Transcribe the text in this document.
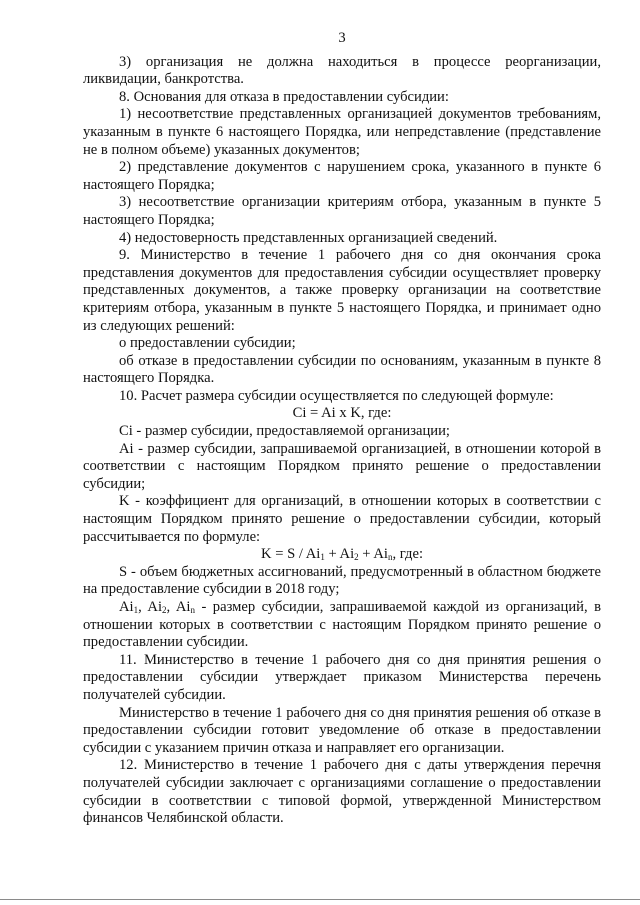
3

3) организация не должна находиться в процессе реорганизации, ликвидации, банкротства.

8. Основания для отказа в предоставлении субсидии:

1) несоответствие представленных организацией документов требованиям, указанным в пункте 6 настоящего Порядка, или непредставление (представление не в полном объеме) указанных документов;

2) представление документов с нарушением срока, указанного в пункте 6 настоящего Порядка;

3) несоответствие организации критериям отбора, указанным в пункте 5 настоящего Порядка;

4) недостоверность представленных организацией сведений.

9. Министерство в течение 1 рабочего дня со дня окончания срока представления документов для предоставления субсидии осуществляет проверку представленных документов, а также проверку организации на соответствие критериям отбора, указанным в пункте 5 настоящего Порядка, и принимает одно из следующих решений:

о предоставлении субсидии;

об отказе в предоставлении субсидии по основаниям, указанным в пункте 8 настоящего Порядка.

10. Расчет размера субсидии осуществляется по следующей формуле:

Ci = Ai x K, где:

Ci - размер субсидии, предоставляемой организации;

Ai - размер субсидии, запрашиваемой организацией, в отношении которой в соответствии с настоящим Порядком принято решение о предоставлении субсидии;

K - коэффициент для организаций, в отношении которых в соответствии с настоящим Порядком принято решение о предоставлении субсидии, который рассчитывается по формуле:

$K = S / Ai_1 + Ai_2 + Ai_n$, где:

S - объем бюджетных ассигнований, предусмотренный в областном бюджете на предоставление субсидии в 2018 году;

$Ai_1$, $Ai_2$, $Ai_n$ - размер субсидии, запрашиваемой каждой из организаций, в отношении которых в соответствии с настоящим Порядком принято решение о предоставлении субсидии.

11. Министерство в течение 1 рабочего дня со дня принятия решения о предоставлении субсидии утверждает приказом Министерства перечень получателей субсидии.

Министерство в течение 1 рабочего дня со дня принятия решения об отказе в предоставлении субсидии готовит уведомление об отказе в предоставлении субсидии с указанием причин отказа и направляет его организации.

12. Министерство в течение 1 рабочего дня с даты утверждения перечня получателей субсидии заключает с организациями соглашение о предоставлении субсидии в соответствии с типовой формой, утвержденной Министерством финансов Челябинской области.
